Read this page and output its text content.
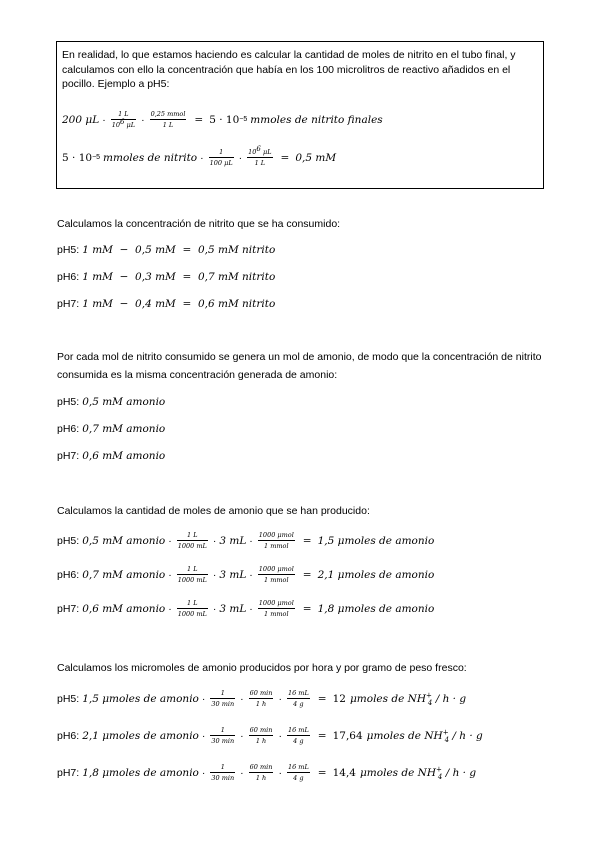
En realidad, lo que estamos haciendo es calcular la cantidad de moles de nitrito en el tubo final, y calculamos con ello la concentración que había en los 100 microlitros de reactivo añadidos en el pocillo. Ejemplo a pH5:
200 $\mu L \cdot \frac{1 L}{10^6 \mu L} \cdot \frac{\text{0,25 mmol}}{1 L} = 5 \cdot 10 -5$ mmoles de nitrito finales
5 · 10 −5 mmoles de nitrito · $\frac{1}{100 \mu L} \cdot \frac{10^6 \mu L}{1 L} = 0,5$ mM
Calculamos la concentración de nitrito que se ha consumido:
pH5: 1 mM  −  0,5 mM  =  0,5 mM nitrito
pH6: 1 mM  −  0,3 mM  =  0,7 mM nitrito
pH7: 1 mM  −  0,4 mM  =  0,6 mM nitrito
Por cada mol de nitrito consumido se genera un mol de amonio, de modo que la concentración de nitrito consumida es la misma concentración generada de amonio:
pH5: 0,5 mM amonio
pH6: 0,7 mM amonio
pH7: 0,6 mM amonio
Calculamos la cantidad de moles de amonio que se han producido:
pH5: 0,5 mM amonio · $\frac{1 L}{1000 mL} \cdot 3$ mL · $\frac{\text{1000 μmol}}{\text{1 mmol}} = 1,5$ μmoles de amonio
pH6: 0,7 mM amonio · $\frac{1 L}{1000 mL} \cdot 3$ mL · $\frac{\text{1000 μmol}}{\text{1 mmol}} = 2,1$ μmoles de amonio
pH7: 0,6 mM amonio · $\frac{1 L}{1000 mL} \cdot 3$ mL · $\frac{\text{1000 μmol}}{\text{1 mmol}} = 1,8$ μmoles de amonio
Calculamos los micromoles de amonio producidos por hora y por gramo de peso fresco:
pH5: 1,5 μmoles de amonio · $\frac{1}{30 \min} \cdot \frac{60 \min}{1 h} \cdot \frac{16 mL}{4 g} = 12$ μmoles de $NH^+_4 / h \cdot g$
pH6: 2,1 μmoles de amonio · $\frac{1}{30 \min} \cdot \frac{60 \min}{1 h} \cdot \frac{16 mL}{4 g} = 17,64$ μmoles de $NH^+_4 / h \cdot g$
pH7: 1,8 μmoles de amonio · $\frac{1}{30 \min} \cdot \frac{60 \min}{1 h} \cdot \frac{16 mL}{4 g} = 14,4$ μmoles de $NH^+_4 / h \cdot g$
